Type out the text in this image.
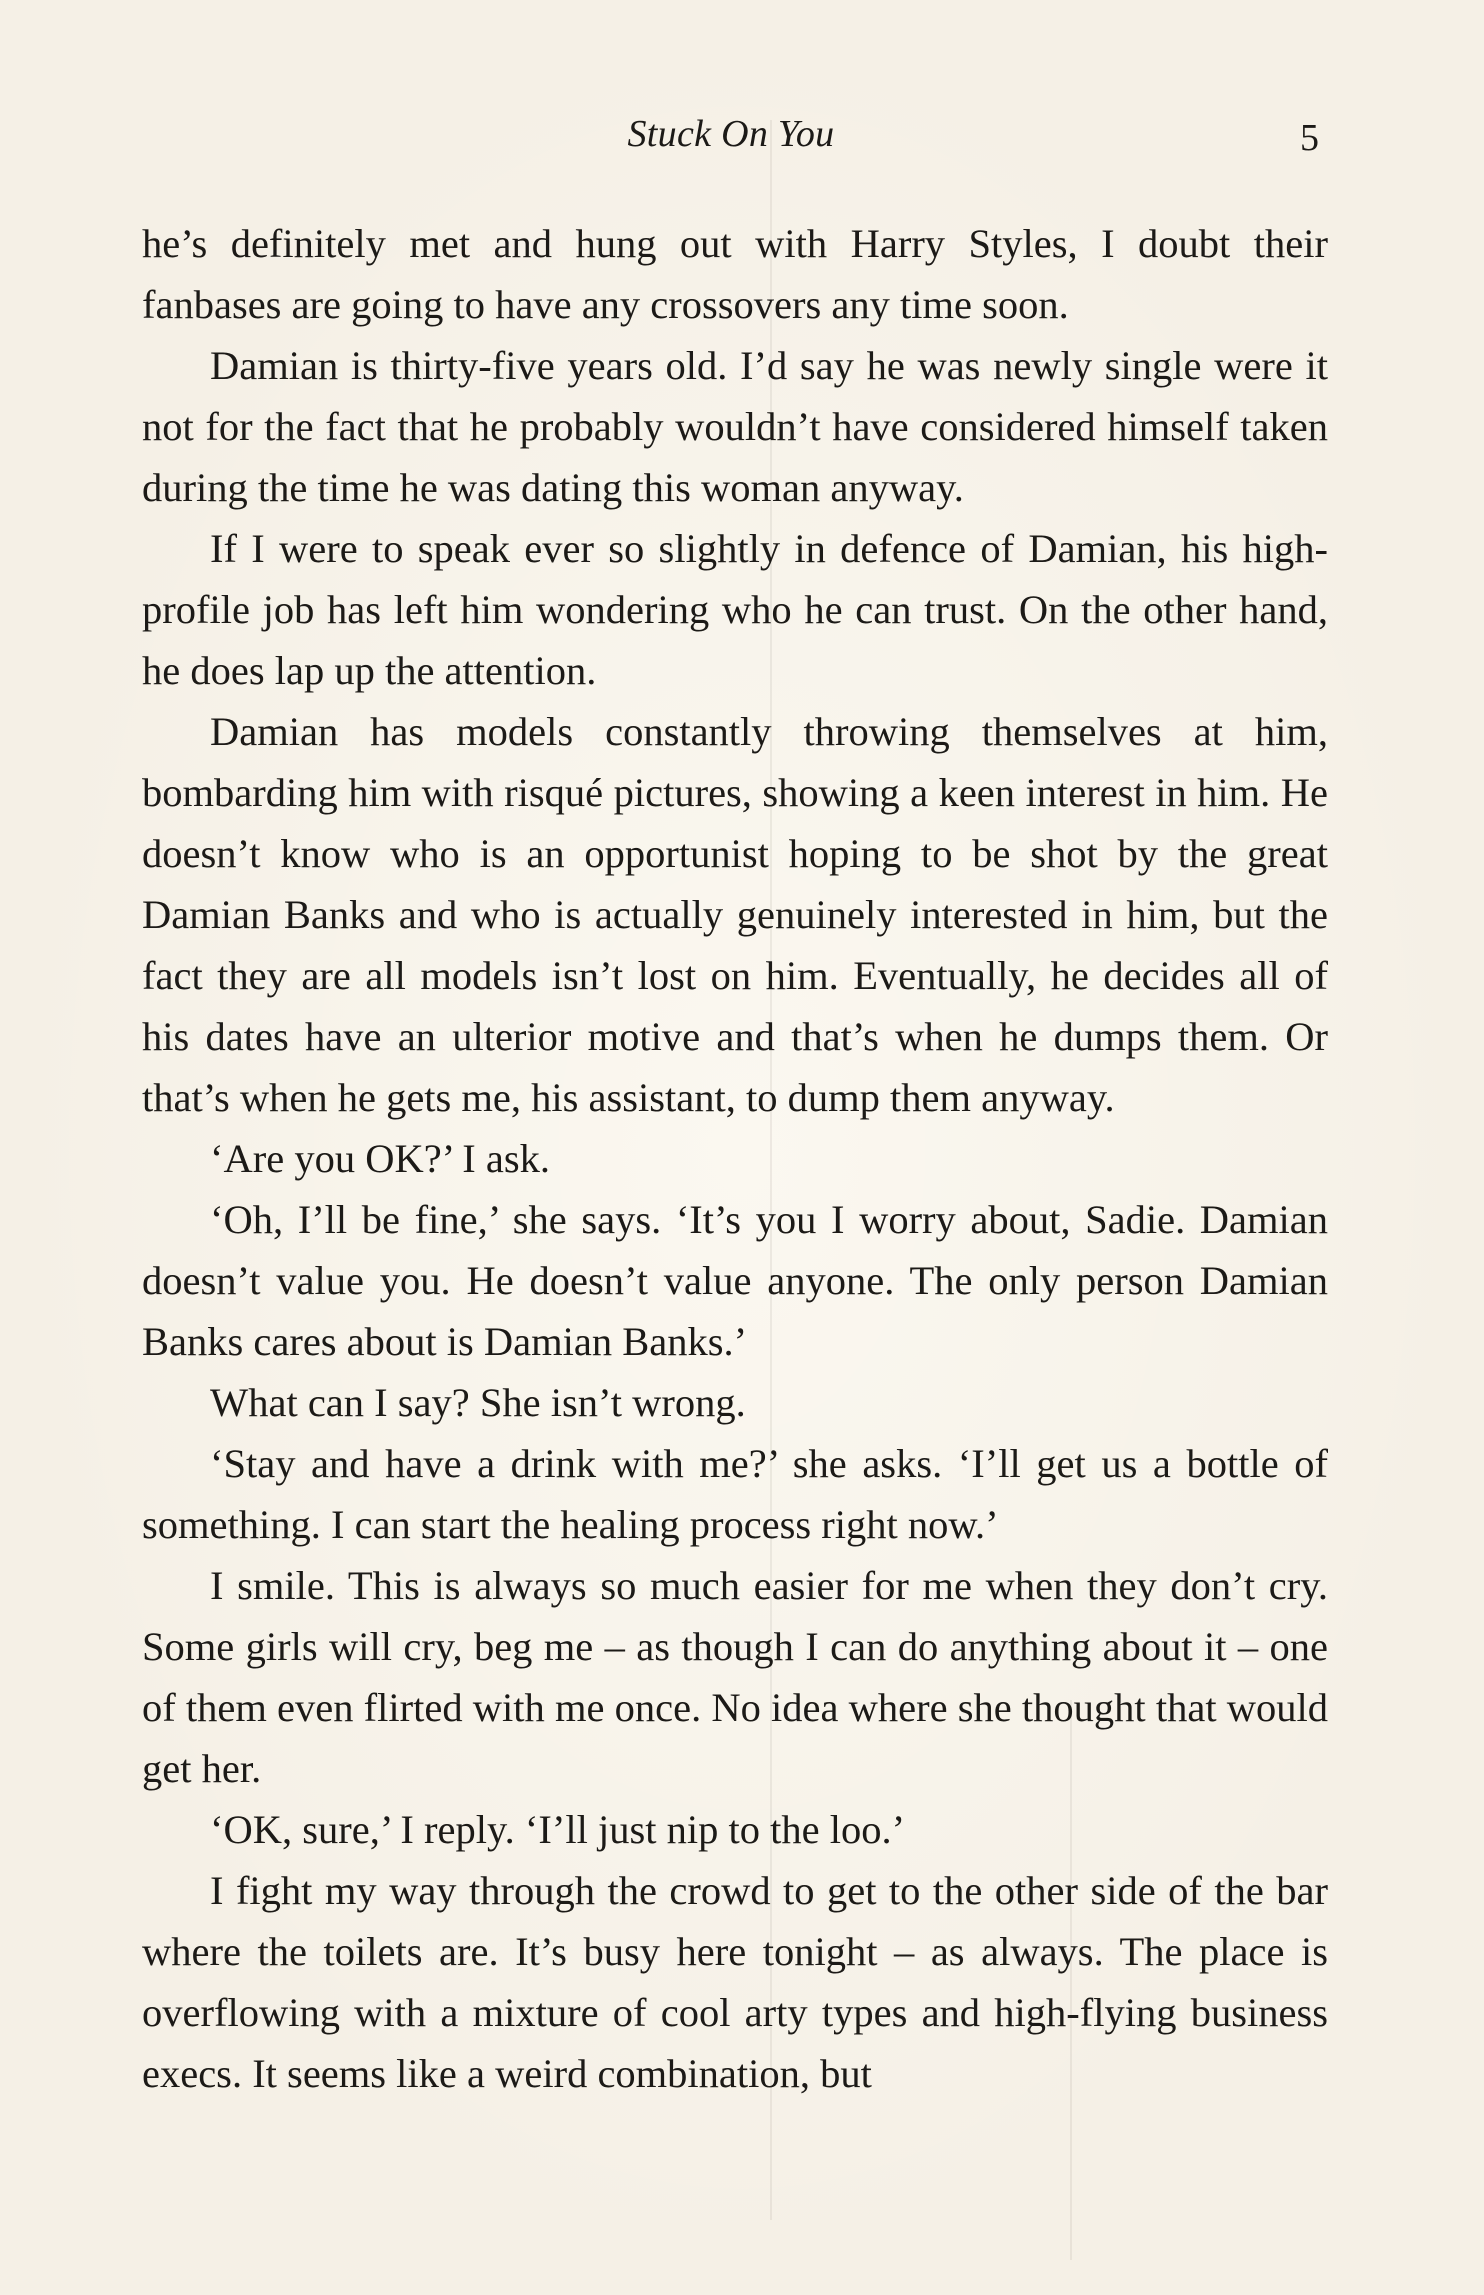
Stuck On You	5

he’s definitely met and hung out with Harry Styles, I doubt their fanbases are going to have any crossovers any time soon.

Damian is thirty-five years old. I’d say he was newly single were it not for the fact that he probably wouldn’t have considered himself taken during the time he was dating this woman anyway.

If I were to speak ever so slightly in defence of Damian, his high-profile job has left him wondering who he can trust. On the other hand, he does lap up the attention.

Damian has models constantly throwing themselves at him, bombarding him with risqué pictures, showing a keen interest in him. He doesn’t know who is an opportunist hoping to be shot by the great Damian Banks and who is actually genuinely interested in him, but the fact they are all models isn’t lost on him. Eventually, he decides all of his dates have an ulterior motive and that’s when he dumps them. Or that’s when he gets me, his assistant, to dump them anyway.

‘Are you OK?’ I ask.

‘Oh, I’ll be fine,’ she says. ‘It’s you I worry about, Sadie. Damian doesn’t value you. He doesn’t value anyone. The only person Damian Banks cares about is Damian Banks.’

What can I say? She isn’t wrong.

‘Stay and have a drink with me?’ she asks. ‘I’ll get us a bottle of something. I can start the healing process right now.’

I smile. This is always so much easier for me when they don’t cry. Some girls will cry, beg me – as though I can do anything about it – one of them even flirted with me once. No idea where she thought that would get her.

‘OK, sure,’ I reply. ‘I’ll just nip to the loo.’

I fight my way through the crowd to get to the other side of the bar where the toilets are. It’s busy here tonight – as always. The place is overflowing with a mixture of cool arty types and high-flying business execs. It seems like a weird combination, but
